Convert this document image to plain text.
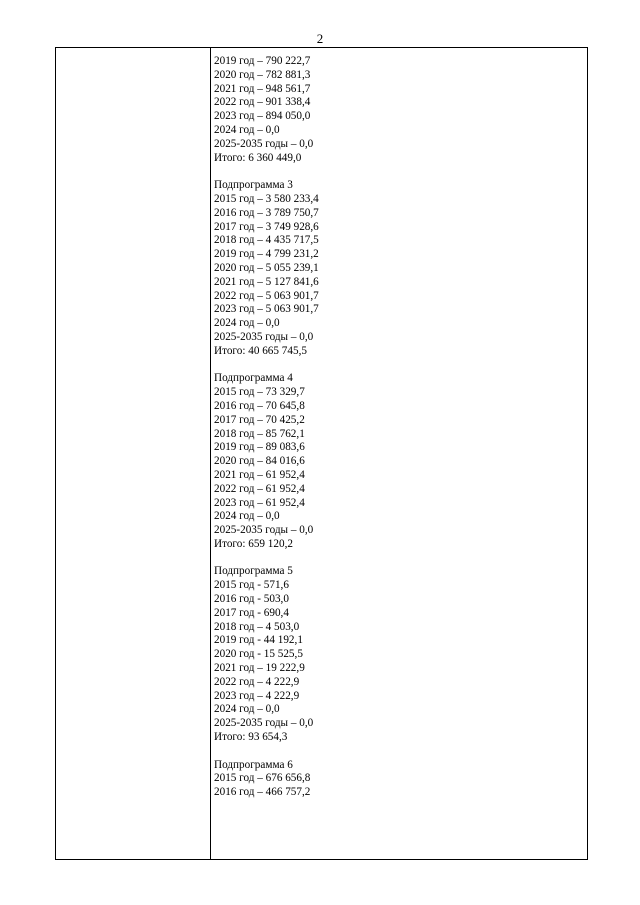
2
2019 год – 790 222,7
2020 год – 782 881,3
2021 год – 948 561,7
2022 год – 901 338,4
2023 год – 894 050,0
2024 год – 0,0
2025-2035 годы – 0,0
Итого: 6 360 449,0
Подпрограмма 3
2015 год – 3 580 233,4
2016 год – 3 789 750,7
2017 год – 3 749 928,6
2018 год – 4 435 717,5
2019 год – 4 799 231,2
2020 год – 5 055 239,1
2021 год – 5 127 841,6
2022 год – 5 063 901,7
2023 год – 5 063 901,7
2024 год – 0,0
2025-2035 годы – 0,0
Итого: 40 665 745,5
Подпрограмма 4
2015 год – 73 329,7
2016 год – 70 645,8
2017 год – 70 425,2
2018 год – 85 762,1
2019 год – 89 083,6
2020 год – 84 016,6
2021 год – 61 952,4
2022 год – 61 952,4
2023 год – 61 952,4
2024 год – 0,0
2025-2035 годы – 0,0
Итого: 659 120,2
Подпрограмма 5
2015 год - 571,6
2016 год - 503,0
2017 год - 690,4
2018 год – 4 503,0
2019 год - 44 192,1
2020 год - 15 525,5
2021 год – 19 222,9
2022 год – 4 222,9
2023 год – 4 222,9
2024 год – 0,0
2025-2035 годы – 0,0
Итого: 93 654,3
Подпрограмма 6
2015 год – 676 656,8
2016 год – 466 757,2
